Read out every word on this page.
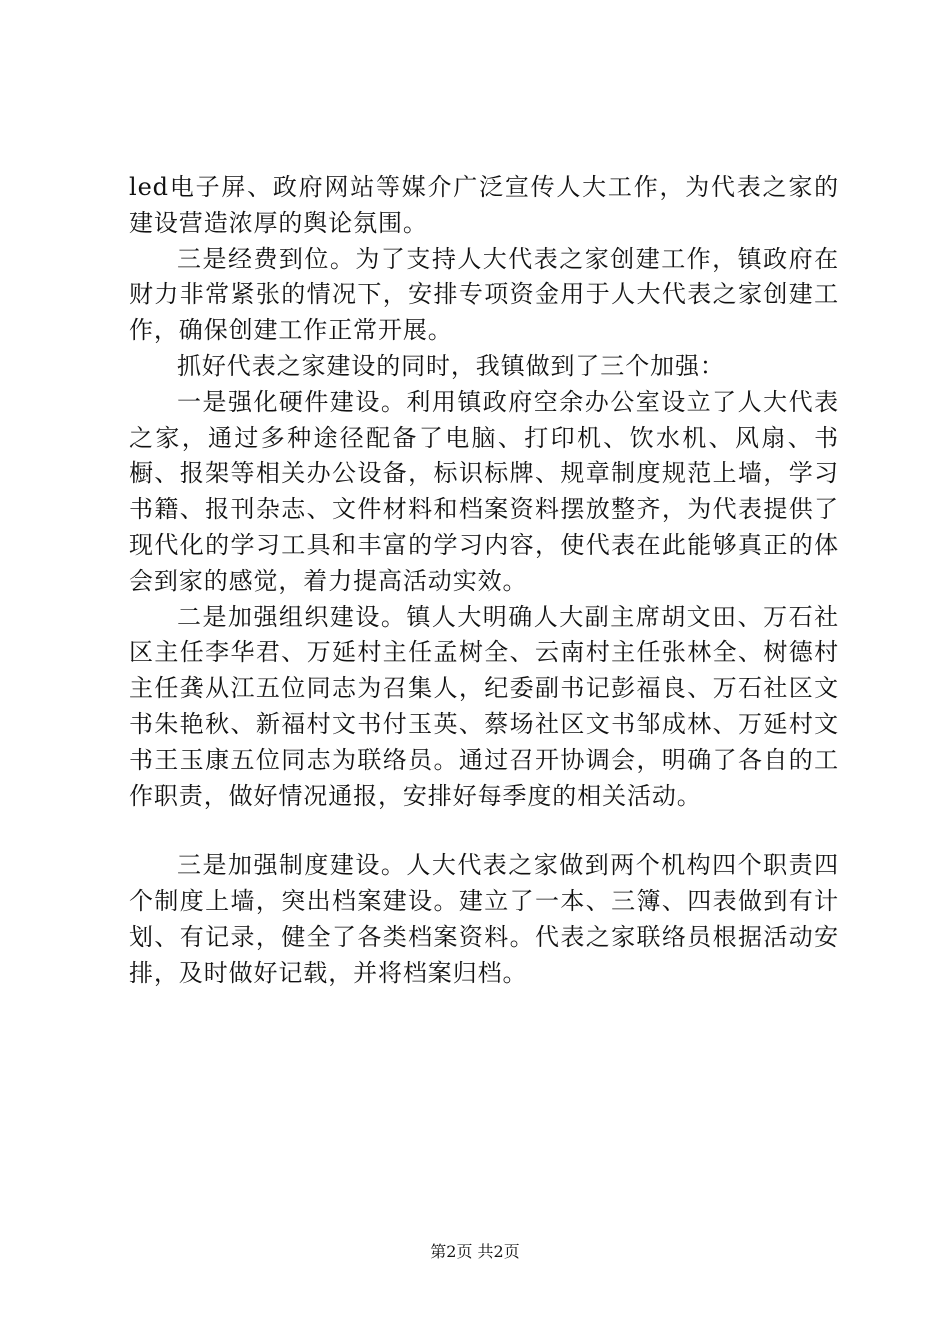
led电子屏、政府网站等媒介广泛宣传人大工作，为代表之家的建设营造浓厚的舆论氛围。

三是经费到位。为了支持人大代表之家创建工作，镇政府在财力非常紧张的情况下，安排专项资金用于人大代表之家创建工作，确保创建工作正常开展。

抓好代表之家建设的同时，我镇做到了三个加强：

一是强化硬件建设。利用镇政府空余办公室设立了人大代表之家，通过多种途径配备了电脑、打印机、饮水机、风扇、书橱、报架等相关办公设备，标识标牌、规章制度规范上墙，学习书籍、报刊杂志、文件材料和档案资料摆放整齐，为代表提供了现代化的学习工具和丰富的学习内容，使代表在此能够真正的体会到家的感觉，着力提高活动实效。

二是加强组织建设。镇人大明确人大副主席胡文田、万石社区主任李华君、万延村主任孟树全、云南村主任张林全、树德村主任龚从江五位同志为召集人，纪委副书记彭福良、万石社区文书朱艳秋、新福村文书付玉英、蔡场社区文书邹成林、万延村文书王玉康五位同志为联络员。通过召开协调会，明确了各自的工作职责，做好情况通报，安排好每季度的相关活动。

三是加强制度建设。人大代表之家做到两个机构四个职责四个制度上墙，突出档案建设。建立了一本、三簿、四表做到有计划、有记录，健全了各类档案资料。代表之家联络员根据活动安排，及时做好记载，并将档案归档。

第2页 共2页
